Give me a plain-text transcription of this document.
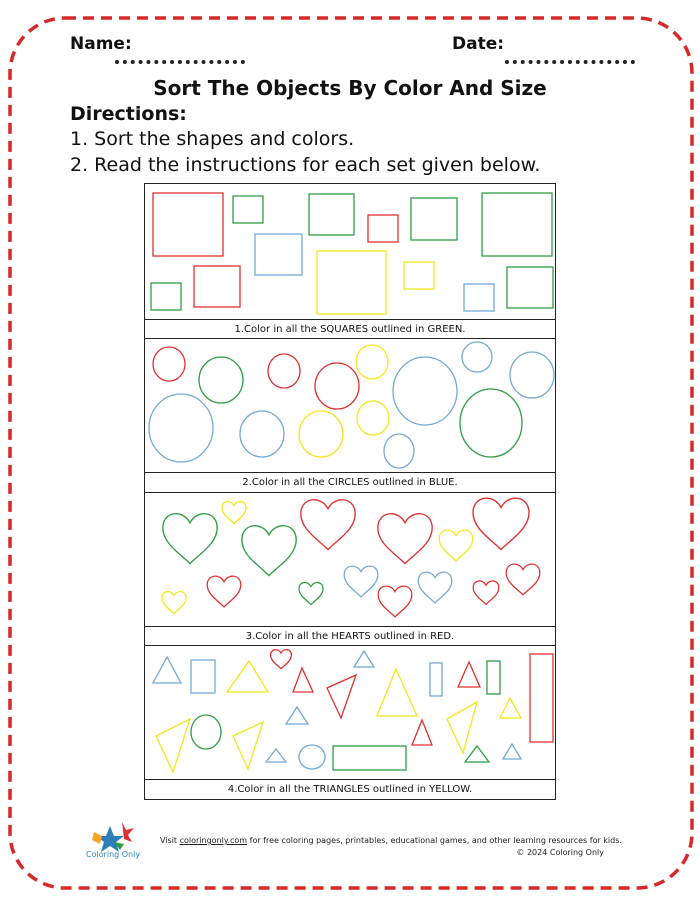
Name:	Date:
Sort The Objects By Color And Size
Directions:
1. Sort the shapes and colors.
2. Read the instructions for each set given below.
1.Color in all the SQUARES outlined in GREEN.
2.Color in all the CIRCLES outlined in BLUE.
3.Color in all the HEARTS outlined in RED.
4.Color in all the TRIANGLES outlined in YELLOW.
Coloring Only
Visit coloringonly.com for free coloring pages, printables, educational games, and other learning resources for kids.
© 2024 Coloring Only
